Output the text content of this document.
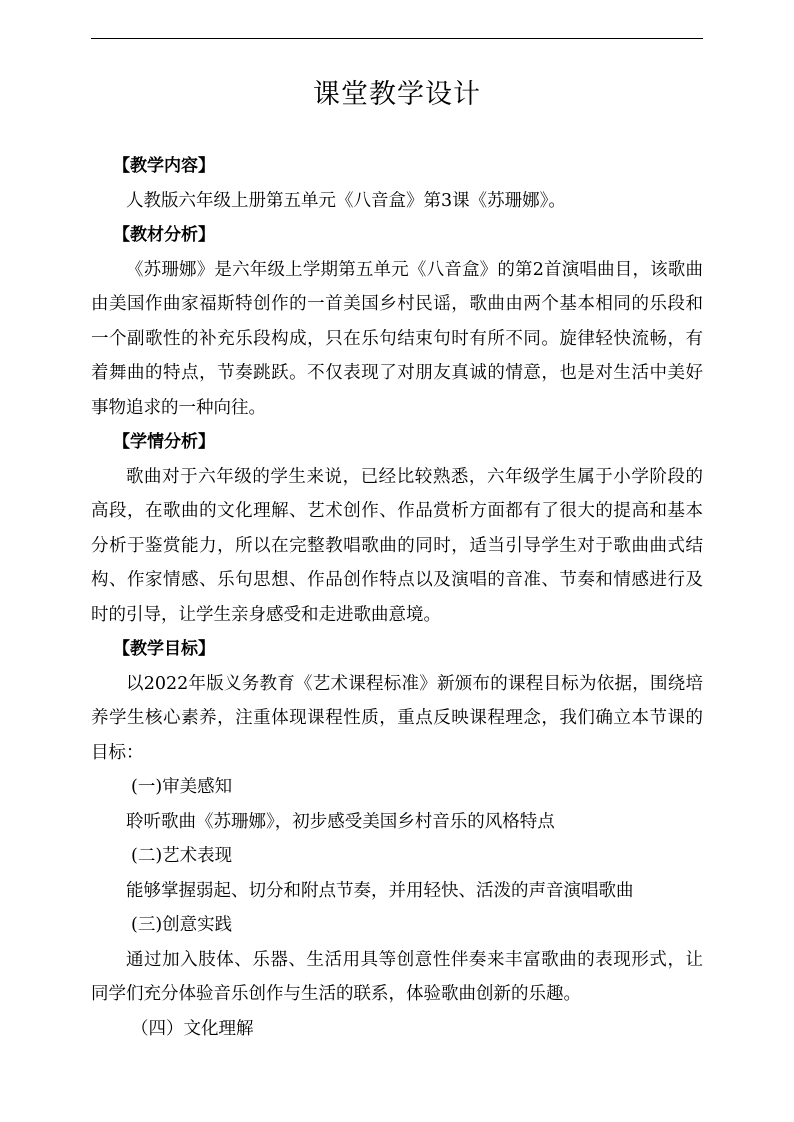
课堂教学设计

【教学内容】

人教版六年级上册第五单元《八音盒》第3课《苏珊娜》。

【教材分析】

《苏珊娜》是六年级上学期第五单元《八音盒》的第2首演唱曲目，该歌曲由美国作曲家福斯特创作的一首美国乡村民谣，歌曲由两个基本相同的乐段和一个副歌性的补充乐段构成，只在乐句结束句时有所不同。旋律轻快流畅，有着舞曲的特点，节奏跳跃。不仅表现了对朋友真诚的情意，也是对生活中美好事物追求的一种向往。

【学情分析】

歌曲对于六年级的学生来说，已经比较熟悉，六年级学生属于小学阶段的高段，在歌曲的文化理解、艺术创作、作品赏析方面都有了很大的提高和基本分析于鉴赏能力，所以在完整教唱歌曲的同时，适当引导学生对于歌曲曲式结构、作家情感、乐句思想、作品创作特点以及演唱的音准、节奏和情感进行及时的引导，让学生亲身感受和走进歌曲意境。

【教学目标】

以2022年版义务教育《艺术课程标准》新颁布的课程目标为依据，围绕培养学生核心素养，注重体现课程性质，重点反映课程理念，我们确立本节课的目标：

(一)审美感知

聆听歌曲《苏珊娜》，初步感受美国乡村音乐的风格特点

(二)艺术表现

能够掌握弱起、切分和附点节奏，并用轻快、活泼的声音演唱歌曲

(三)创意实践

通过加入肢体、乐器、生活用具等创意性伴奏来丰富歌曲的表现形式，让同学们充分体验音乐创作与生活的联系，体验歌曲创新的乐趣。

（四）文化理解
